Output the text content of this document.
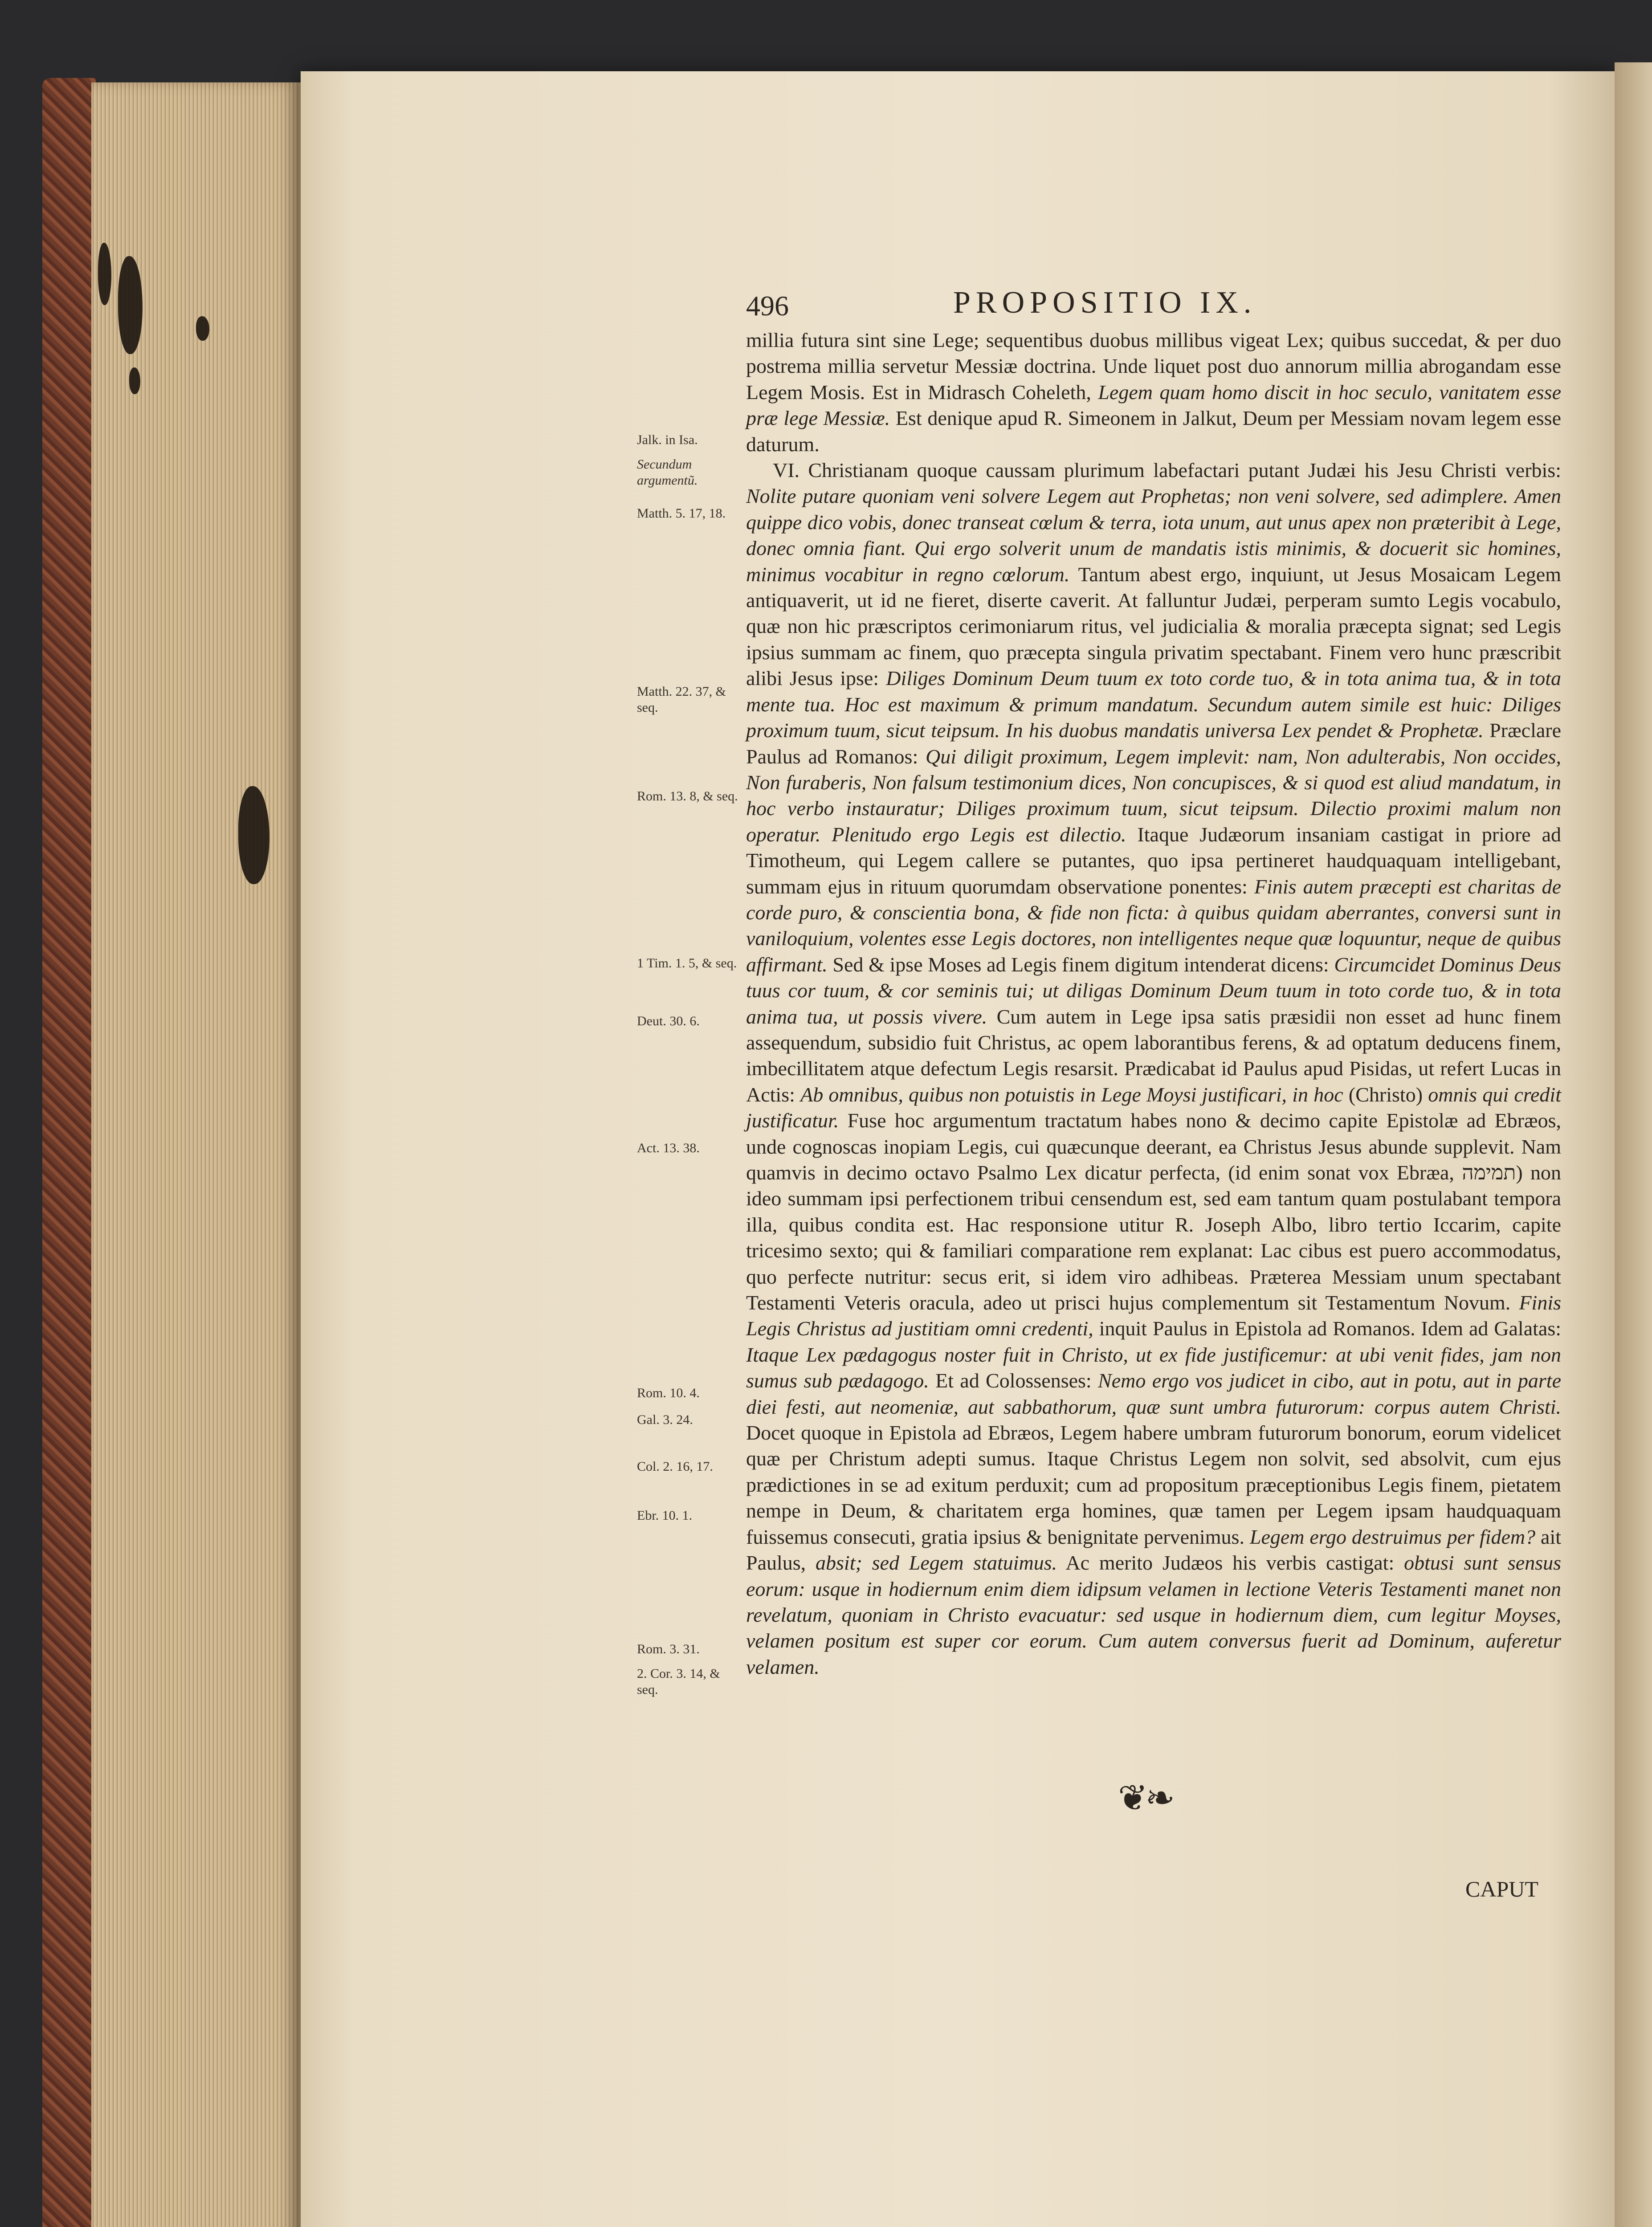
496	PROPOSITIO IX.
Jalk. in Isa.
Secundum argumentũ.
Matth. 5. 17, 18.
Matth. 22. 37, & seq.
Rom. 13. 8, & seq.
1 Tim. 1. 5, & seq.
Deut. 30. 6.
Act. 13. 38.
Rom. 10. 4.
Gal. 3. 24.
Col. 2. 16, 17.
Ebr. 10. 1.
Rom. 3. 31.
2. Cor. 3. 14, & seq.

millia futura sint sine Lege; sequentibus duobus millibus vigeat Lex; quibus succedat, & per duo postrema millia servetur Messiæ doctrina. Unde liquet post duo annorum millia abrogandam esse Legem Mosis. Est in Midrasch Coheleth, Legem quam homo discit in hoc seculo, vanitatem esse præ lege Messiæ. Est denique apud R. Simeonem in Jalkut, Deum per Messiam novam legem esse daturum.

VI. Christianam quoque caussam plurimum labefactari putant Judæi his Jesu Christi verbis: Nolite putare quoniam veni solvere Legem aut Prophetas; non veni solvere, sed adimplere. Amen quippe dico vobis, donec transeat cœlum & terra, iota unum, aut unus apex non præteribit à Lege, donec omnia fiant. Qui ergo solverit unum de mandatis istis minimis, & docuerit sic homines, minimus vocabitur in regno cœlorum. Tantum abest ergo, inquiunt, ut Jesus Mosaicam Legem antiquaverit, ut id ne fieret, diserte caverit. At falluntur Judæi, perperam sumto Legis vocabulo, quæ non hic præscriptos cerimoniarum ritus, vel judicialia & moralia præcepta signat; sed Legis ipsius summam ac finem, quo præcepta singula privatim spectabant. Finem vero hunc præscribit alibi Jesus ipse: Diliges Dominum Deum tuum ex toto corde tuo, & in tota anima tua, & in tota mente tua. Hoc est maximum & primum mandatum. Secundum autem simile est huic: Diliges proximum tuum, sicut teipsum. In his duobus mandatis universa Lex pendet & Prophetæ. Præclare Paulus ad Romanos: Qui diligit proximum, Legem implevit: nam, Non adulterabis, Non occides, Non furaberis, Non falsum testimonium dices, Non concupisces, & si quod est aliud mandatum, in hoc verbo instauratur; Diliges proximum tuum, sicut teipsum. Dilectio proximi malum non operatur. Plenitudo ergo Legis est dilectio. Itaque Judæorum insaniam castigat in priore ad Timotheum, qui Legem callere se putantes, quo ipsa pertineret haudquaquam intelligebant, summam ejus in rituum quorumdam observatione ponentes: Finis autem præcepti est charitas de corde puro, & conscientia bona, & fide non ficta: à quibus quidam aberrantes, conversi sunt in vaniloquium, volentes esse Legis doctores, non intelligentes neque quæ loquuntur, neque de quibus affirmant. Sed & ipse Moses ad Legis finem digitum intenderat dicens: Circumcidet Dominus Deus tuus cor tuum, & cor seminis tui; ut diligas Dominum Deum tuum in toto corde tuo, & in tota anima tua, ut possis vivere. Cum autem in Lege ipsa satis præsidii non esset ad hunc finem assequendum, subsidio fuit Christus, ac opem laborantibus ferens, & ad optatum deducens finem, imbecillitatem atque defectum Legis resarsit. Prædicabat id Paulus apud Pisidas, ut refert Lucas in Actis: Ab omnibus, quibus non potuistis in Lege Moysi justificari, in hoc (Christo) omnis qui credit justificatur. Fuse hoc argumentum tractatum habes nono & decimo capite Epistolæ ad Ebræos, unde cognoscas inopiam Legis, cui quæcunque deerant, ea Christus Jesus abunde supplevit. Nam quamvis in decimo octavo Psalmo Lex dicatur perfecta, (id enim sonat vox Ebræa, תמימה) non ideo summam ipsi perfectionem tribui censendum est, sed eam tantum quam postulabant tempora illa, quibus condita est. Hac responsione utitur R. Joseph Albo, libro tertio Iccarim, capite tricesimo sexto; qui & familiari comparatione rem explanat: Lac cibus est puero accommodatus, quo perfecte nutritur: secus erit, si idem viro adhibeas. Præterea Messiam unum spectabant Testamenti Veteris oracula, adeo ut prisci hujus complementum sit Testamentum Novum. Finis Legis Christus ad justitiam omni credenti, inquit Paulus in Epistola ad Romanos. Idem ad Galatas: Itaque Lex pædagogus noster fuit in Christo, ut ex fide justificemur: at ubi venit fides, jam non sumus sub pædagogo. Et ad Colossenses: Nemo ergo vos judicet in cibo, aut in potu, aut in parte diei festi, aut neomeniæ, aut sabbathorum, quæ sunt umbra futurorum: corpus autem Christi. Docet quoque in Epistola ad Ebræos, Legem habere umbram futurorum bonorum, eorum videlicet quæ per Christum adepti sumus. Itaque Christus Legem non solvit, sed absolvit, cum ejus prædictiones in se ad exitum perduxit; cum ad propositum præceptionibus Legis finem, pietatem nempe in Deum, & charitatem erga homines, quæ tamen per Legem ipsam haudquaquam fuissemus consecuti, gratia ipsius & benignitate pervenimus. Legem ergo destruimus per fidem? ait Paulus, absit; sed Legem statuimus. Ac merito Judæos his verbis castigat: obtusi sunt sensus eorum: usque in hodiernum enim diem idipsum velamen in lectione Veteris Testamenti manet non revelatum, quoniam in Christo evacuatur: sed usque in hodiernum diem, cum legitur Moyses, velamen positum est super cor eorum. Cum autem conversus fuerit ad Dominum, auferetur velamen.

❦❧
CAPUT
